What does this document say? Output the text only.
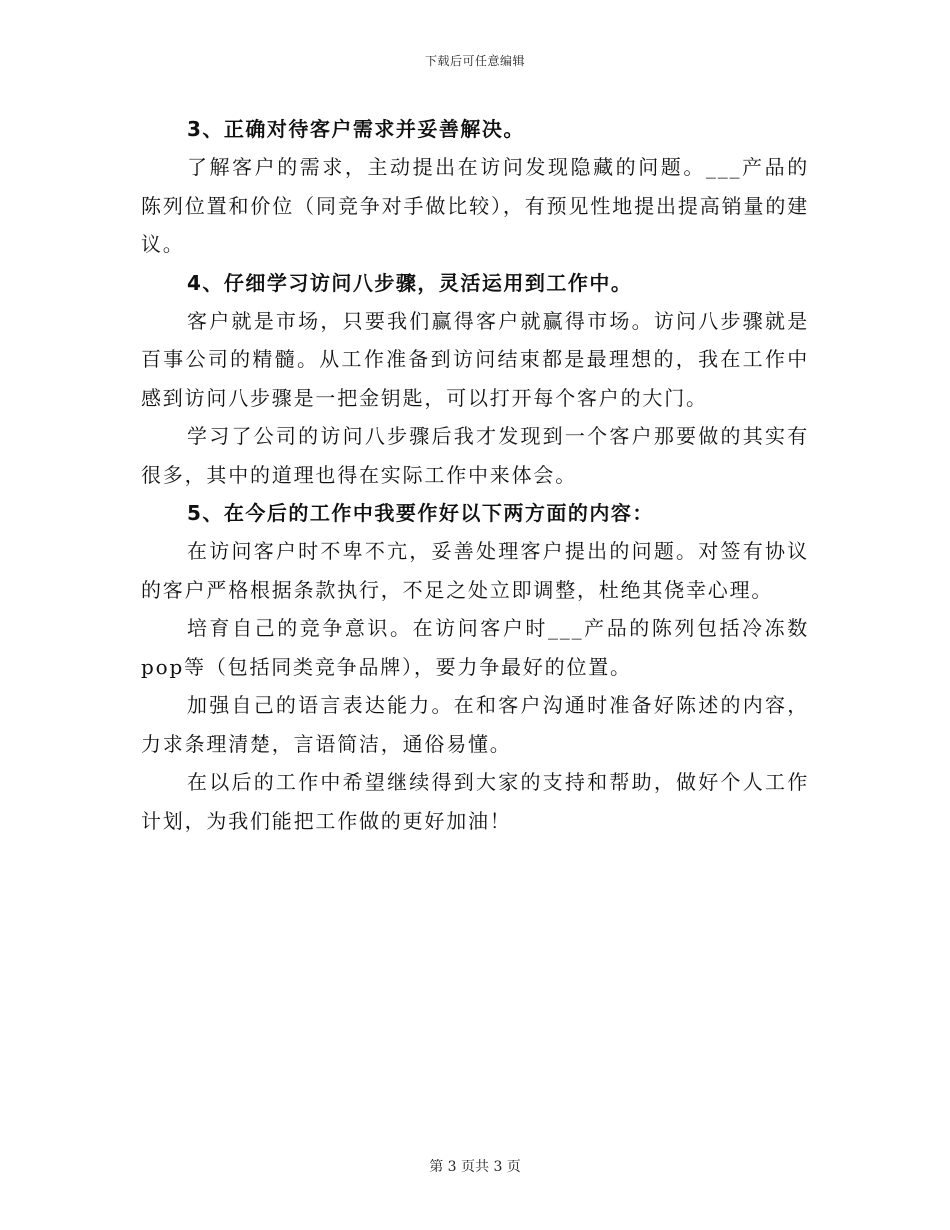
下载后可任意编辑

3、正确对待客户需求并妥善解决。

了解客户的需求，主动提出在访问发现隐藏的问题。___产品的陈列位置和价位（同竞争对手做比较），有预见性地提出提高销量的建议。

4、仔细学习访问八步骤，灵活运用到工作中。

客户就是市场，只要我们赢得客户就赢得市场。访问八步骤就是百事公司的精髓。从工作准备到访问结束都是最理想的，我在工作中感到访问八步骤是一把金钥匙，可以打开每个客户的大门。

学习了公司的访问八步骤后我才发现到一个客户那要做的其实有很多，其中的道理也得在实际工作中来体会。

5、在今后的工作中我要作好以下两方面的内容：

在访问客户时不卑不亢，妥善处理客户提出的问题。对签有协议的客户严格根据条款执行，不足之处立即调整，杜绝其侥幸心理。

培育自己的竞争意识。在访问客户时___产品的陈列包括冷冻数pop等（包括同类竞争品牌），要力争最好的位置。

加强自己的语言表达能力。在和客户沟通时准备好陈述的内容，力求条理清楚，言语简洁，通俗易懂。

在以后的工作中希望继续得到大家的支持和帮助，做好个人工作计划，为我们能把工作做的更好加油！

第 3 页共 3 页
